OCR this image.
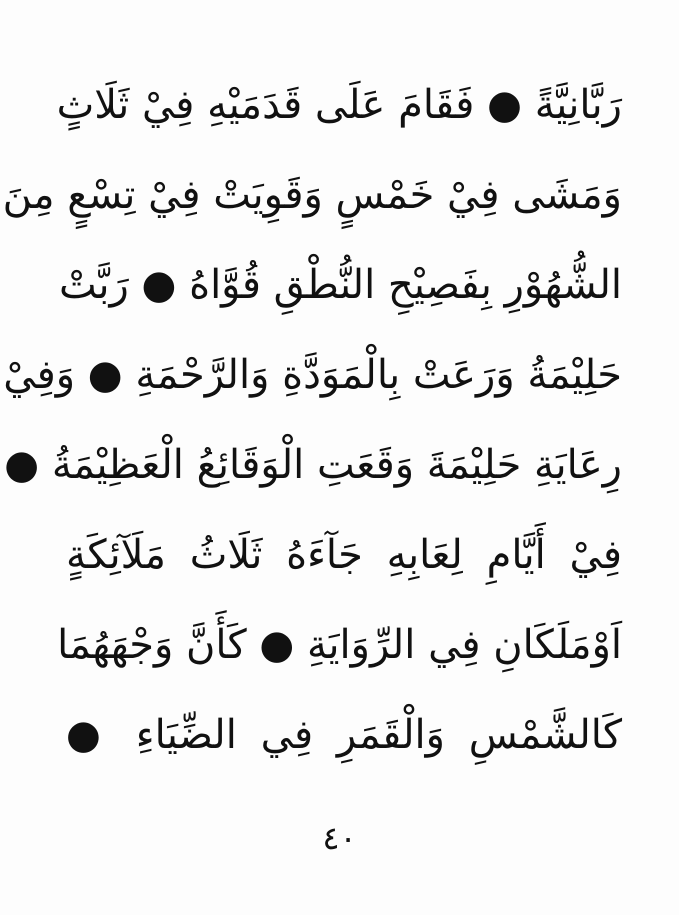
رَبَّانِيَّةً ● فَقَامَ عَلَى قَدَمَيْهِ فِيْ ثَلَاثٍ
وَمَشَى فِيْ خَمْسٍ وَقَوِيَتْ فِيْ تِسْعٍ مِنَ
الشُّهُوْرِ بِفَصِيْحِ النُّطْقِ قُوَّاهُ ● رَبَّتْ
حَلِيْمَةُ وَرَعَتْ بِالْمَوَدَّةِ وَالرَّحْمَةِ ● وَفِيْ
رِعَايَةِ حَلِيْمَةَ وَقَعَتِ الْوَقَائِعُ الْعَظِيْمَةُ ●
فِيْ أَيَّامِ لِعَابِهِ جَآءَهُ ثَلَاثُ مَلَآئِكَةٍ
اَوْمَلَكَانِ فِي الرِّوَايَةِ ● كَأَنَّ وَجْهَهُمَا
كَالشَّمْسِ وَالْقَمَرِ فِي الضِّيَاءِ ●
٤٠
